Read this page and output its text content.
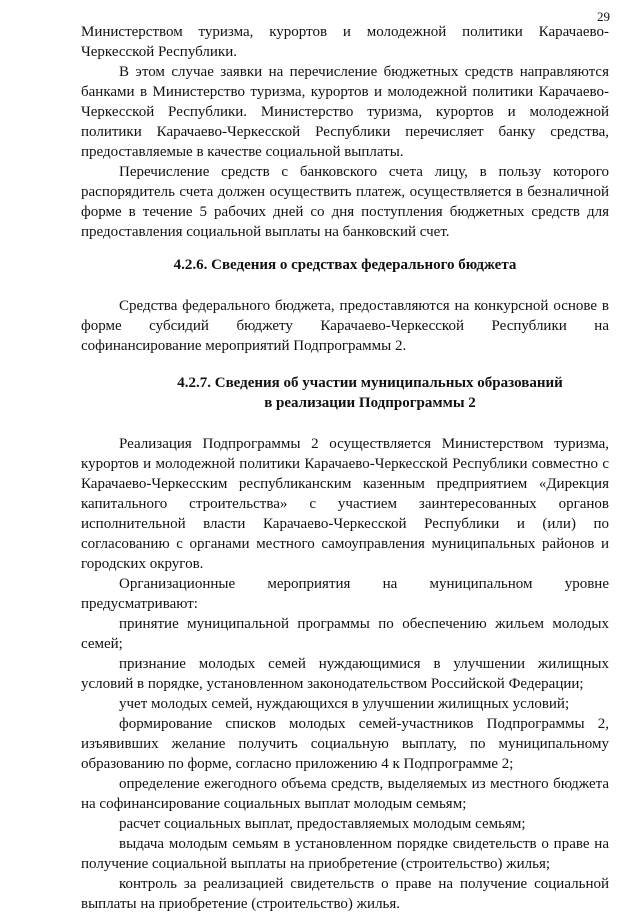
29

Министерством туризма, курортов и молодежной политики Карачаево-Черкесской Республики.

В этом случае заявки на перечисление бюджетных средств направляются банками в Министерство туризма, курортов и молодежной политики Карачаево-Черкесской Республики. Министерство туризма, курортов и молодежной политики Карачаево-Черкесской Республики перечисляет банку средства, предоставляемые в качестве социальной выплаты.

Перечисление средств с банковского счета лицу, в пользу которого распорядитель счета должен осуществить платеж, осуществляется в безналичной форме в течение 5 рабочих дней со дня поступления бюджетных средств для предоставления социальной выплаты на банковский счет.

4.2.6. Сведения о средствах федерального бюджета

Средства федерального бюджета, предоставляются на конкурсной основе в форме субсидий бюджету Карачаево-Черкесской Республики на софинансирование мероприятий Подпрограммы 2.

4.2.7. Сведения об участии муниципальных образований

в реализации Подпрограммы 2

Реализация Подпрограммы 2 осуществляется Министерством туризма, курортов и молодежной политики Карачаево-Черкесской Республики совместно с Карачаево-Черкесским республиканским казенным предприятием «Дирекция капитального строительства» с участием заинтересованных органов исполнительной власти Карачаево-Черкесской Республики и (или) по согласованию с органами местного самоуправления муниципальных районов и городских округов.

Организационные мероприятия на муниципальном уровне предусматривают:

принятие муниципальной программы по обеспечению жильем молодых семей;

признание молодых семей нуждающимися в улучшении жилищных условий в порядке, установленном законодательством Российской Федерации;

учет молодых семей, нуждающихся в улучшении жилищных условий;

формирование списков молодых семей-участников Подпрограммы 2, изъявивших желание получить социальную выплату, по муниципальному образованию по форме, согласно приложению 4 к Подпрограмме 2;

определение ежегодного объема средств, выделяемых из местного бюджета на софинансирование социальных выплат молодым семьям;

расчет социальных выплат, предоставляемых молодым семьям;

выдача молодым семьям в установленном порядке свидетельств о праве на получение социальной выплаты на приобретение (строительство) жилья;

контроль за реализацией свидетельств о праве на получение социальной выплаты на приобретение (строительство) жилья.
